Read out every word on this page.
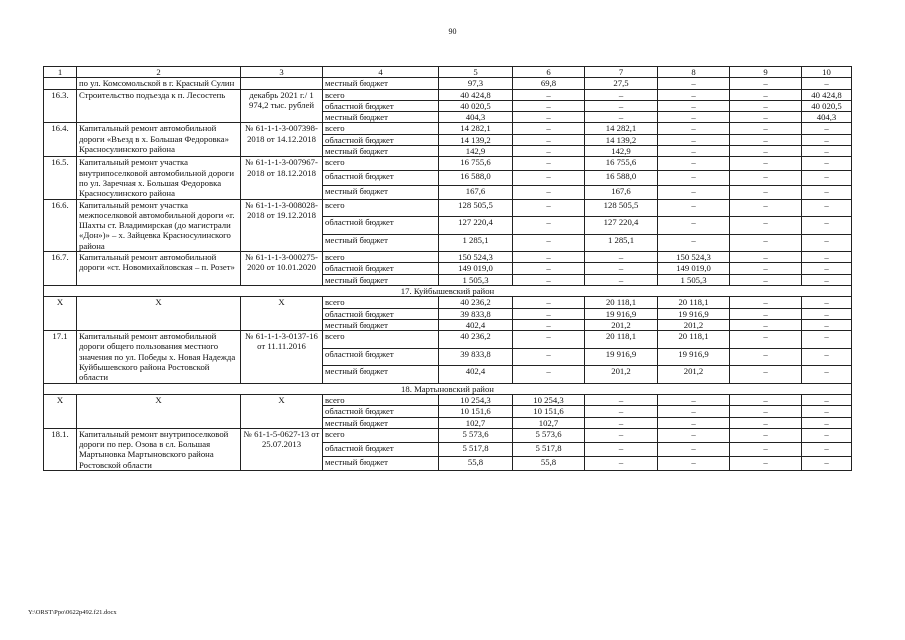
90
1	2	3	4	5	6	7	8	9	10
	по ул. Комсомольской в г. Красный Сулин		местный бюджет	97,3	69,8	27,5	–	–	–
16.3.	Строительство подъезда к п. Лесостепь	декабрь 2021 г./ 1 974,2 тыс. рублей	всего	40 424,8	–	–	–	–	40 424,8
			областной бюджет	40 020,5	–	–	–	–	40 020,5
			местный бюджет	404,3	–	–	–	–	404,3
16.4.	Капитальный ремонт автомобильной дороги «Въезд в х. Большая Федоровка» Красносулинского района	№ 61-1-1-3-007398-2018 от 14.12.2018	всего	14 282,1	–	14 282,1	–	–	–
			областной бюджет	14 139,2	–	14 139,2	–	–	–
			местный бюджет	142,9	–	142,9	–	–	–
16.5.	Капитальный ремонт участка внутрипоселковой автомобильной дороги по ул. Заречная х. Большая Федоровка Красносулинского района	№ 61-1-1-3-007967-2018 от 18.12.2018	всего	16 755,6	–	16 755,6	–	–	–
			областной бюджет	16 588,0	–	16 588,0	–	–	–
			местный бюджет	167,6	–	167,6	–	–	–
16.6.	Капитальный ремонт участка межпоселковой автомобильной дороги «г. Шахты ст. Владимирская (до магистрали «Дон»)» – х. Зайцевка Красносулинского района	№ 61-1-1-3-008028-2018 от 19.12.2018	всего	128 505,5	–	128 505,5	–	–	–
			областной бюджет	127 220,4	–	127 220,4	–	–	–
			местный бюджет	1 285,1	–	1 285,1	–	–	–
16.7.	Капитальный ремонт автомобильной дороги «ст. Новомихайловская – п. Розет»	№ 61-1-1-3-000275-2020 от 10.01.2020	всего	150 524,3	–	–	150 524,3	–	–
			областной бюджет	149 019,0	–	–	149 019,0	–	–
			местный бюджет	1 505,3	–	–	1 505,3	–	–
17. Куйбышевский район									
Х	Х	Х	всего	40 236,2	–	20 118,1	20 118,1	–	–
			областной бюджет	39 833,8	–	19 916,9	19 916,9	–	–
			местный бюджет	402,4	–	201,2	201,2	–	–
17.1	Капитальный ремонт автомобильной дороги общего пользования местного значения по ул. Победы х. Новая Надежда Куйбышевского района Ростовской области	№ 61-1-1-3-0137-16 от 11.11.2016	всего	40 236,2	–	20 118,1	20 118,1	–	–
			областной бюджет	39 833,8	–	19 916,9	19 916,9	–	–
			местный бюджет	402,4	–	201,2	201,2	–	–
18. Мартыновский район									
Х	Х	Х	всего	10 254,3	10 254,3	–	–	–	–
			областной бюджет	10 151,6	10 151,6	–	–	–	–
			местный бюджет	102,7	102,7	–	–	–	–
18.1.	Капитальный ремонт внутрипоселковой дороги по пер. Озова в сл. Большая Мартыновка Мартыновского района Ростовской области	№ 61-1-5-0627-13 от 25.07.2013	всего	5 573,6	5 573,6	–	–	–	–
			областной бюджет	5 517,8	5 517,8	–	–	–	–
			местный бюджет	55,8	55,8	–	–	–	–
Y:\ORST\Ppo\0622p492.f21.docx
